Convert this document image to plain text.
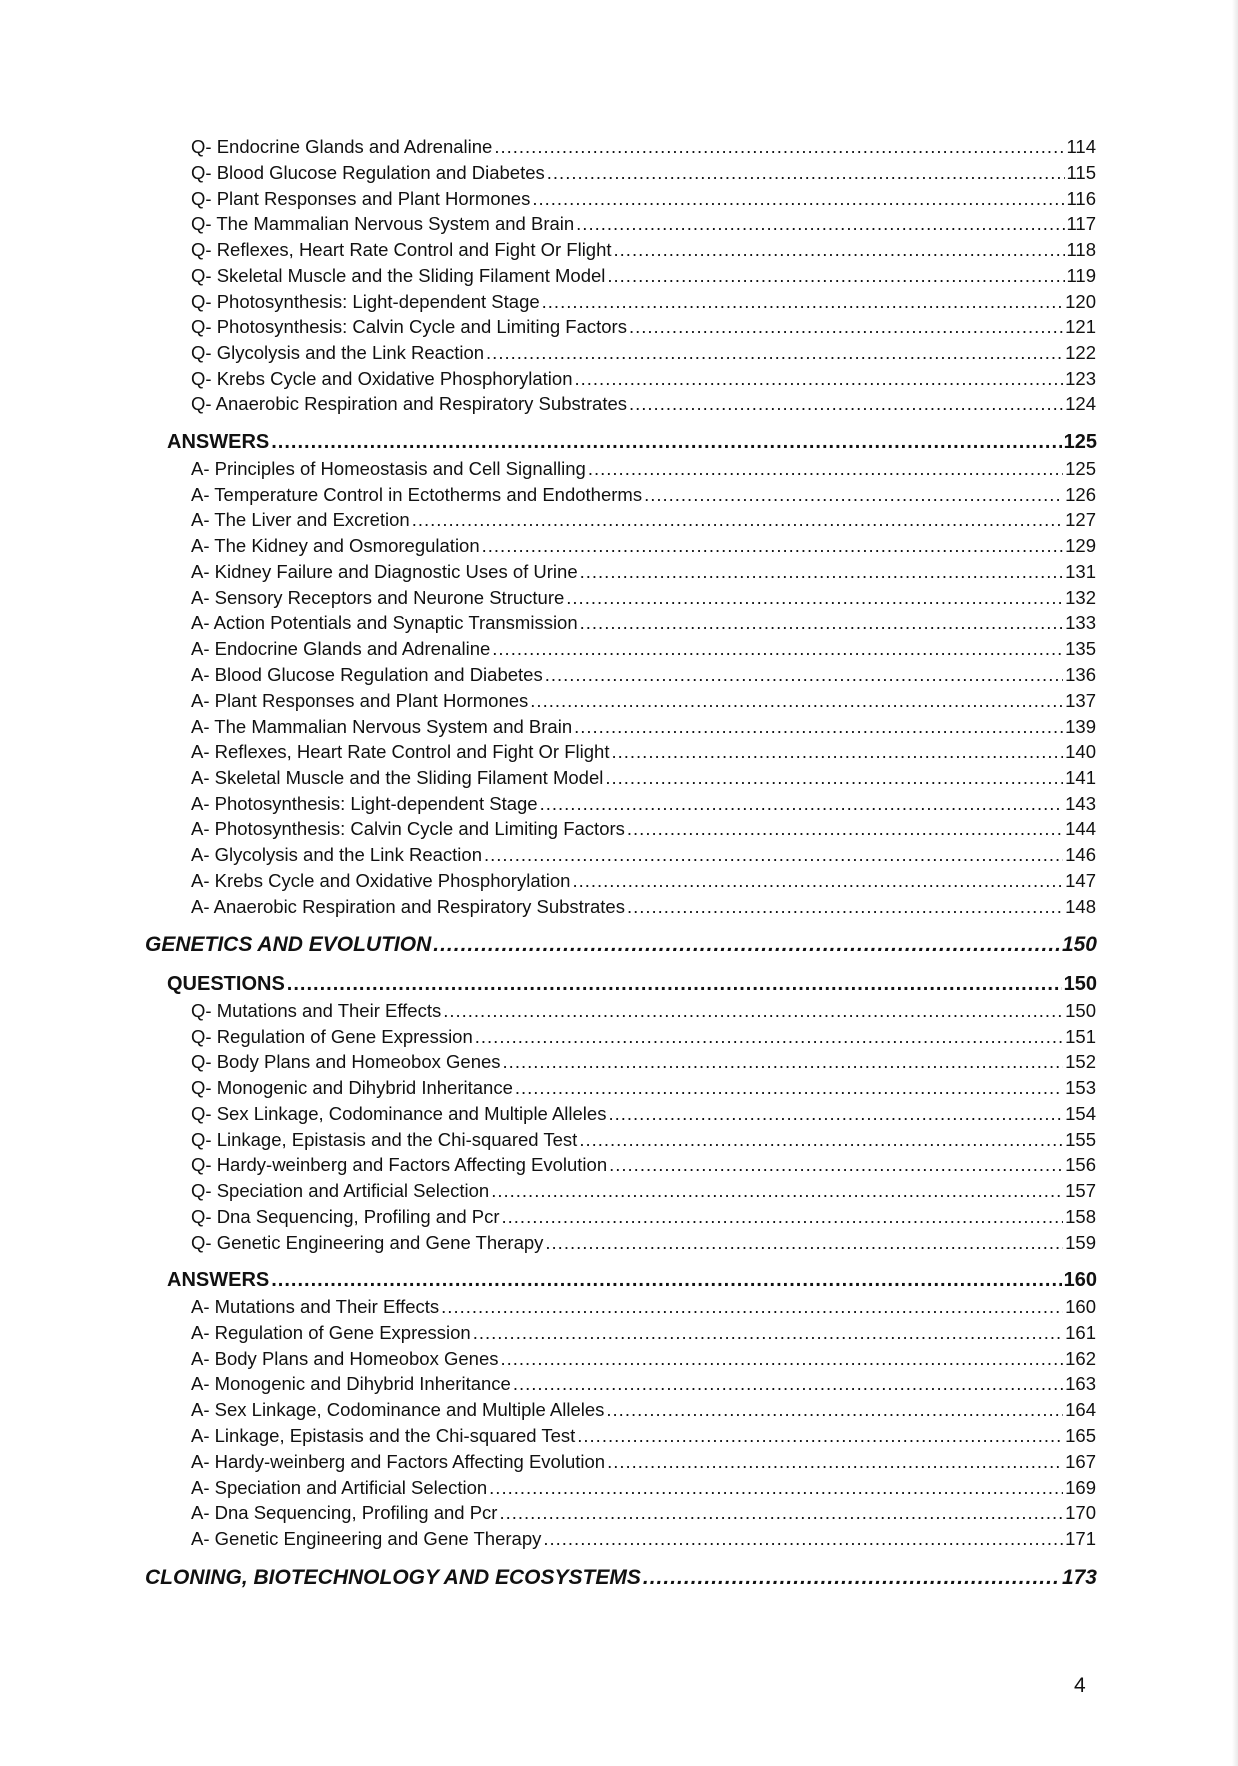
Q- Endocrine Glands and Adrenaline .....	114
Q- Blood Glucose Regulation and Diabetes .....	115
Q- Plant Responses and Plant Hormones .....	116
Q- The Mammalian Nervous System and Brain .....	117
Q- Reflexes, Heart Rate Control and Fight Or Flight .....	118
Q- Skeletal Muscle and the Sliding Filament Model .....	119
Q- Photosynthesis: Light-dependent Stage .....	120
Q- Photosynthesis: Calvin Cycle and Limiting Factors .....	121
Q- Glycolysis and the Link Reaction .....	122
Q- Krebs Cycle and Oxidative Phosphorylation .....	123
Q- Anaerobic Respiration and Respiratory Substrates .....	124
ANSWERS .....	125
A- Principles of Homeostasis and Cell Signalling .....	125
A- Temperature Control in Ectotherms and Endotherms .....	126
A- The Liver and Excretion .....	127
A- The Kidney and Osmoregulation .....	129
A- Kidney Failure and Diagnostic Uses of Urine .....	131
A- Sensory Receptors and Neurone Structure .....	132
A- Action Potentials and Synaptic Transmission .....	133
A- Endocrine Glands and Adrenaline .....	135
A- Blood Glucose Regulation and Diabetes .....	136
A- Plant Responses and Plant Hormones .....	137
A- The Mammalian Nervous System and Brain .....	139
A- Reflexes, Heart Rate Control and Fight Or Flight .....	140
A- Skeletal Muscle and the Sliding Filament Model .....	141
A- Photosynthesis: Light-dependent Stage .....	143
A- Photosynthesis: Calvin Cycle and Limiting Factors .....	144
A- Glycolysis and the Link Reaction .....	146
A- Krebs Cycle and Oxidative Phosphorylation .....	147
A- Anaerobic Respiration and Respiratory Substrates .....	148
GENETICS AND EVOLUTION .....	150
QUESTIONS .....	150
Q- Mutations and Their Effects .....	150
Q- Regulation of Gene Expression .....	151
Q- Body Plans and Homeobox Genes .....	152
Q- Monogenic and Dihybrid Inheritance .....	153
Q- Sex Linkage, Codominance and Multiple Alleles .....	154
Q- Linkage, Epistasis and the Chi-squared Test .....	155
Q- Hardy-weinberg and Factors Affecting Evolution .....	156
Q- Speciation and Artificial Selection .....	157
Q- Dna Sequencing, Profiling and Pcr .....	158
Q- Genetic Engineering and Gene Therapy .....	159
ANSWERS .....	160
A- Mutations and Their Effects .....	160
A- Regulation of Gene Expression .....	161
A- Body Plans and Homeobox Genes .....	162
A- Monogenic and Dihybrid Inheritance .....	163
A- Sex Linkage, Codominance and Multiple Alleles .....	164
A- Linkage, Epistasis and the Chi-squared Test .....	165
A- Hardy-weinberg and Factors Affecting Evolution .....	167
A- Speciation and Artificial Selection .....	169
A- Dna Sequencing, Profiling and Pcr .....	170
A- Genetic Engineering and Gene Therapy .....	171
CLONING, BIOTECHNOLOGY AND ECOSYSTEMS .....	173
4
